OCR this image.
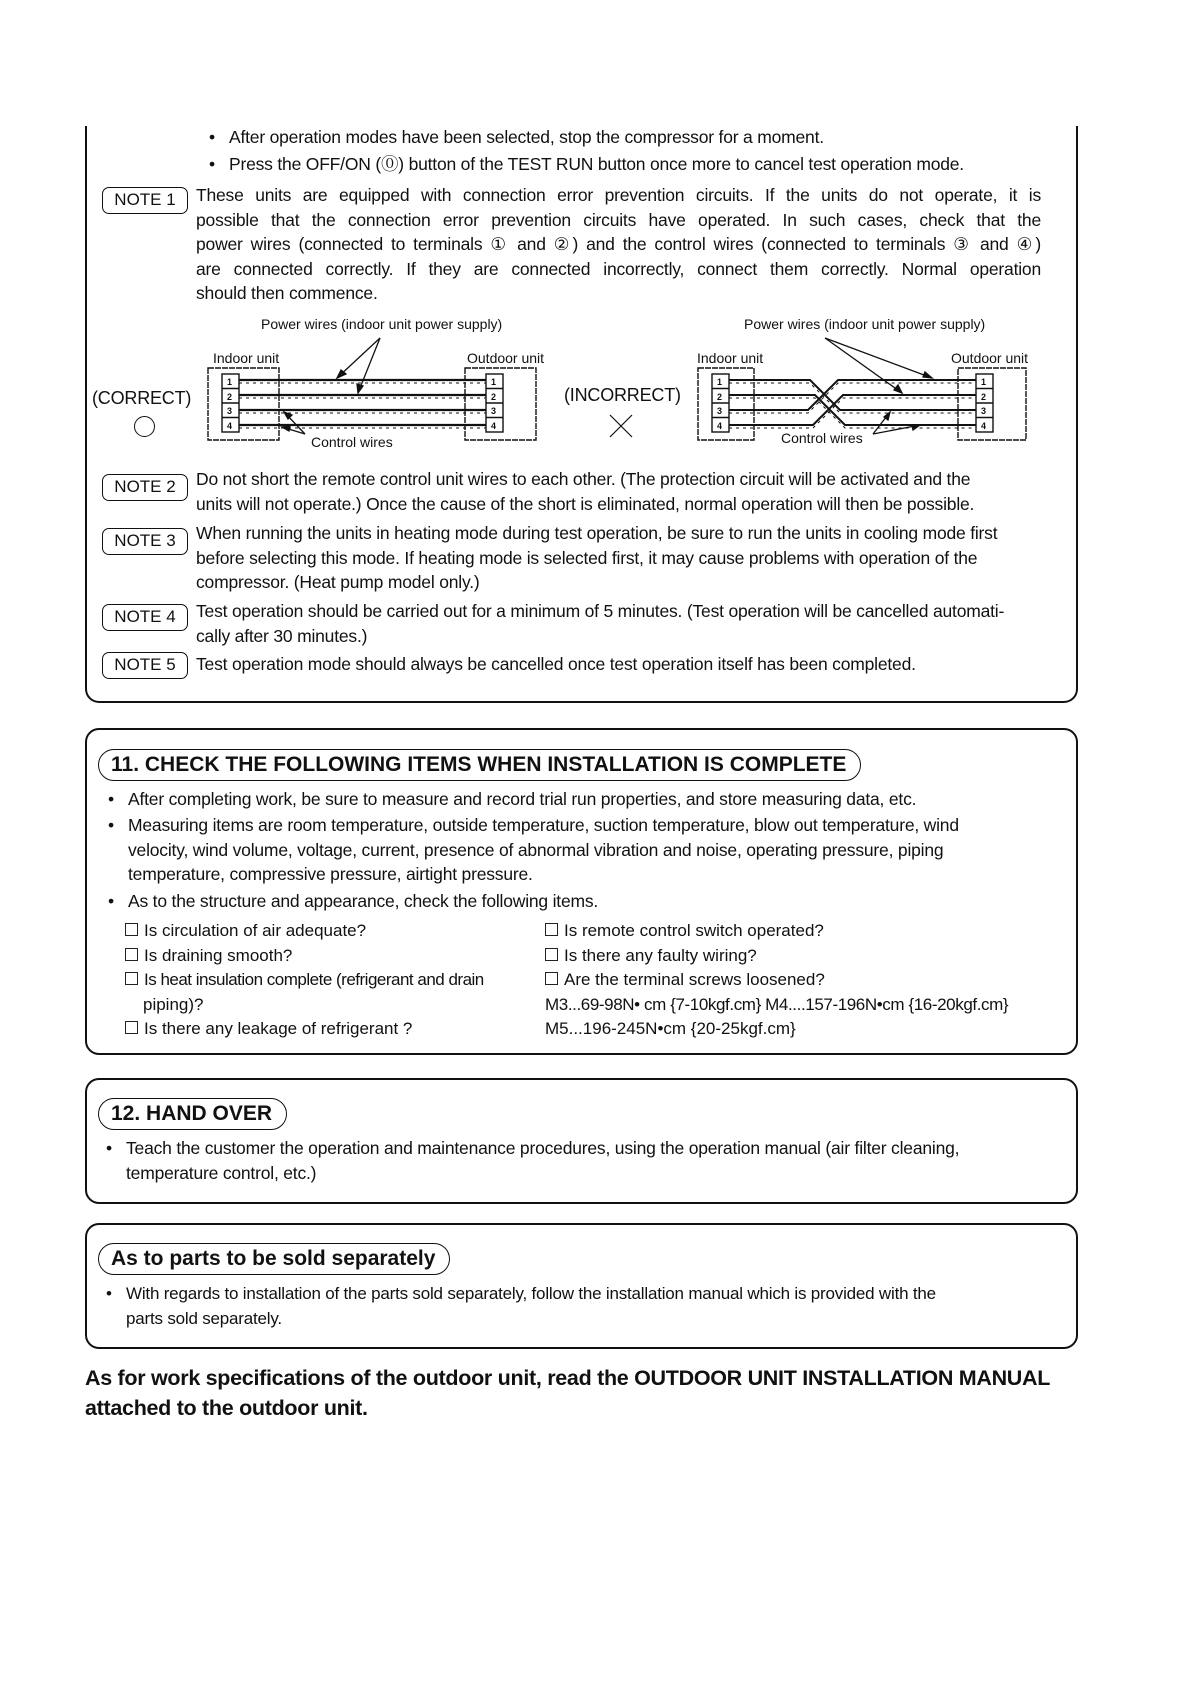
• After operation modes have been selected, stop the compressor for a moment.
• Press the OFF/ON (⓪) button of the TEST RUN button once more to cancel test operation mode.
NOTE 1	These units are equipped with connection error prevention circuits. If the units do not operate, it is
possible that the connection error prevention circuits have operated. In such cases, check that the
power wires (connected to terminals ① and ②) and the control wires (connected to terminals ③ and ④)
are connected correctly. If they are connected incorrectly, connect them correctly. Normal operation
should then commence.
(CORRECT)
Power wires (indoor unit power supply)
Indoor unit	Outdoor unit
Control wires
1
2
3
4
1
2
3
4
(INCORRECT)
Power wires (indoor unit power supply)
Indoor unit	Outdoor unit
Control wires
1
2
3
4
1
2
3
4
NOTE 2	Do not short the remote control unit wires to each other. (The protection circuit will be activated and the
units will not operate.) Once the cause of the short is eliminated, normal operation will then be possible.
NOTE 3	When running the units in heating mode during test operation, be sure to run the units in cooling mode first
before selecting this mode. If heating mode is selected first, it may cause problems with operation of the
compressor. (Heat pump model only.)
NOTE 4	Test operation should be carried out for a minimum of 5 minutes. (Test operation will be cancelled automati-
cally after 30 minutes.)
NOTE 5	Test operation mode should always be cancelled once test operation itself has been completed.
11. CHECK THE FOLLOWING ITEMS WHEN INSTALLATION IS COMPLETE
• After completing work, be sure to measure and record trial run properties, and store measuring data, etc.
• Measuring items are room temperature, outside temperature, suction temperature, blow out temperature, wind
velocity, wind volume, voltage, current, presence of abnormal vibration and noise, operating pressure, piping
temperature, compressive pressure, airtight pressure.
• As to the structure and appearance, check the following items.
Is circulation of air adequate?
Is draining smooth?
Is heat insulation complete (refrigerant and drain
piping)?
Is there any leakage of refrigerant ?
Is remote control switch operated?
Is there any faulty wiring?
Are the terminal screws loosened?
M3...69-98N• cm {7-10kgf.cm} M4....157-196N•cm {16-20kgf.cm}
M5...196-245N•cm {20-25kgf.cm}
12. HAND OVER
• Teach the customer the operation and maintenance procedures, using the operation manual (air filter cleaning,
temperature control, etc.)
As to parts to be sold separately
• With regards to installation of the parts sold separately, follow the installation manual which is provided with the
parts sold separately.
As for work specifications of the outdoor unit, read the OUTDOOR UNIT INSTALLATION MANUAL
attached to the outdoor unit.
